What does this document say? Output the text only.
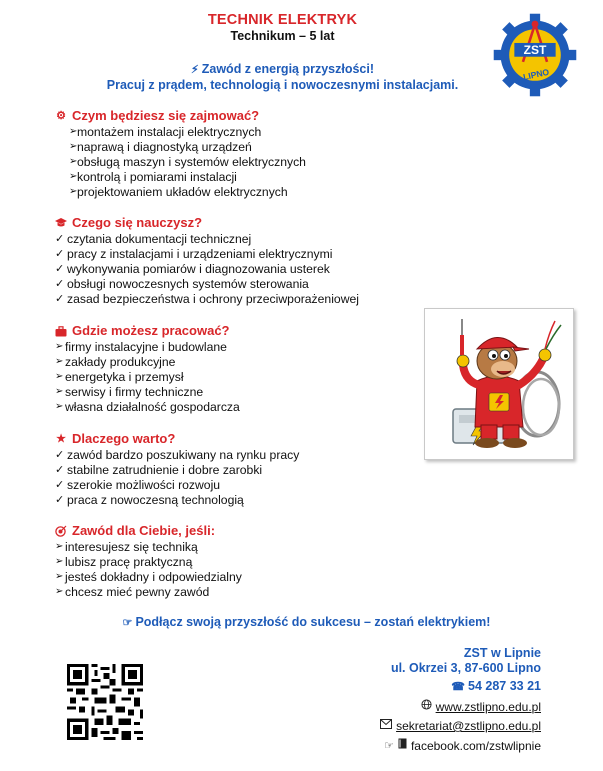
TECHNIK ELEKTRYK
Technikum – 5 lat
ZST
LIPNO
⚡︎ Zawód z energią przyszłości!
Pracuj z prądem, technologią i nowoczesnymi instalacjami.
⚙ Czym będziesz się zajmować?
➢ montażem instalacji elektrycznych
➢ naprawą i diagnostyką urządzeń
➢ obsługą maszyn i systemów elektrycznych
➢ kontrolą i pomiarami instalacji
➢ projektowaniem układów elektrycznych
Czego się nauczysz?
✓ czytania dokumentacji technicznej
✓ pracy z instalacjami i urządzeniami elektrycznymi
✓ wykonywania pomiarów i diagnozowania usterek
✓ obsługi nowoczesnych systemów sterowania
✓ zasad bezpieczeństwa i ochrony przeciwporażeniowej
Gdzie możesz pracować?
➢ firmy instalacyjne i budowlane
➢ zakłady produkcyjne
➢ energetyka i przemysł
➢ serwisy i firmy techniczne
➢ własna działalność gospodarcza
★ Dlaczego warto?
✓ zawód bardzo poszukiwany na rynku pracy
✓ stabilne zatrudnienie i dobre zarobki
✓ szerokie możliwości rozwoju
✓ praca z nowoczesną technologią
Zawód dla Ciebie, jeśli:
➢ interesujesz się techniką
➢ lubisz pracę praktyczną
➢ jesteś dokładny i odpowiedzialny
➢ chcesz mieć pewny zawód
☞ Podłącz swoją przyszłość do sukcesu – zostań elektrykiem!
ZST w Lipnie
ul. Okrzei 3, 87-600 Lipno
☎ 54 287 33 21
www.zstlipno.edu.pl
sekretariat@zstlipno.edu.pl
☞ facebook.com/zstwlipnie
